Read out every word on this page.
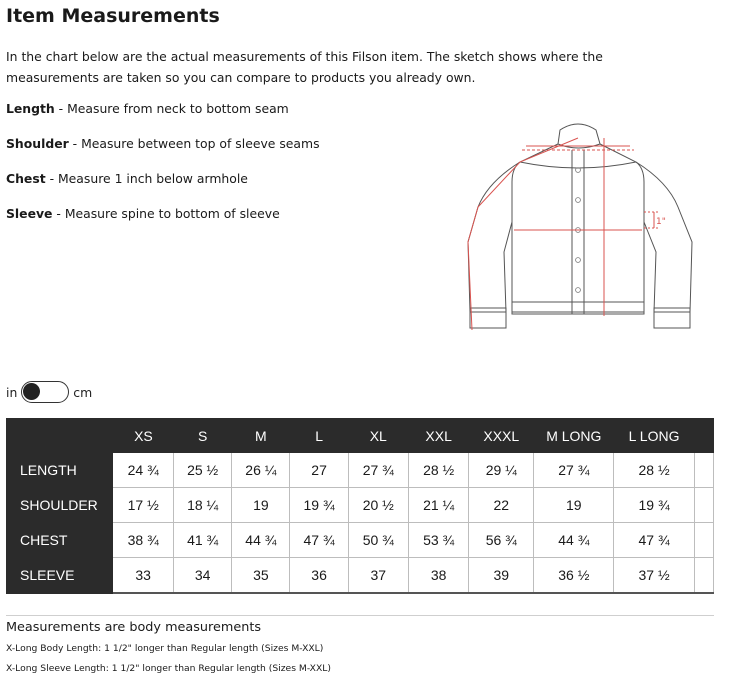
Item Measurements
In the chart below are the actual measurements of this Filson item. The sketch shows where the measurements are taken so you can compare to products you already own.
Length - Measure from neck to bottom seam
Shoulder - Measure between top of sleeve seams
Chest - Measure 1 inch below armhole
Sleeve - Measure spine to bottom of sleeve
1"
in	cm
	XS	S	M	L	XL	XXL	XXXL	M LONG	L LONG	
LENGTH	24 ¾	25 ½	26 ¼	27	27 ¾	28 ½	29 ¼	27 ¾	28 ½	
SHOULDER	17 ½	18 ¼	19	19 ¾	20 ½	21 ¼	22	19	19 ¾	
CHEST	38 ¾	41 ¾	44 ¾	47 ¾	50 ¾	53 ¾	56 ¾	44 ¾	47 ¾	
SLEEVE	33	34	35	36	37	38	39	36 ½	37 ½	
Measurements are body measurements
X-Long Body Length: 1 1/2" longer than Regular length (Sizes M-XXL)
X-Long Sleeve Length: 1 1/2" longer than Regular length (Sizes M-XXL)
